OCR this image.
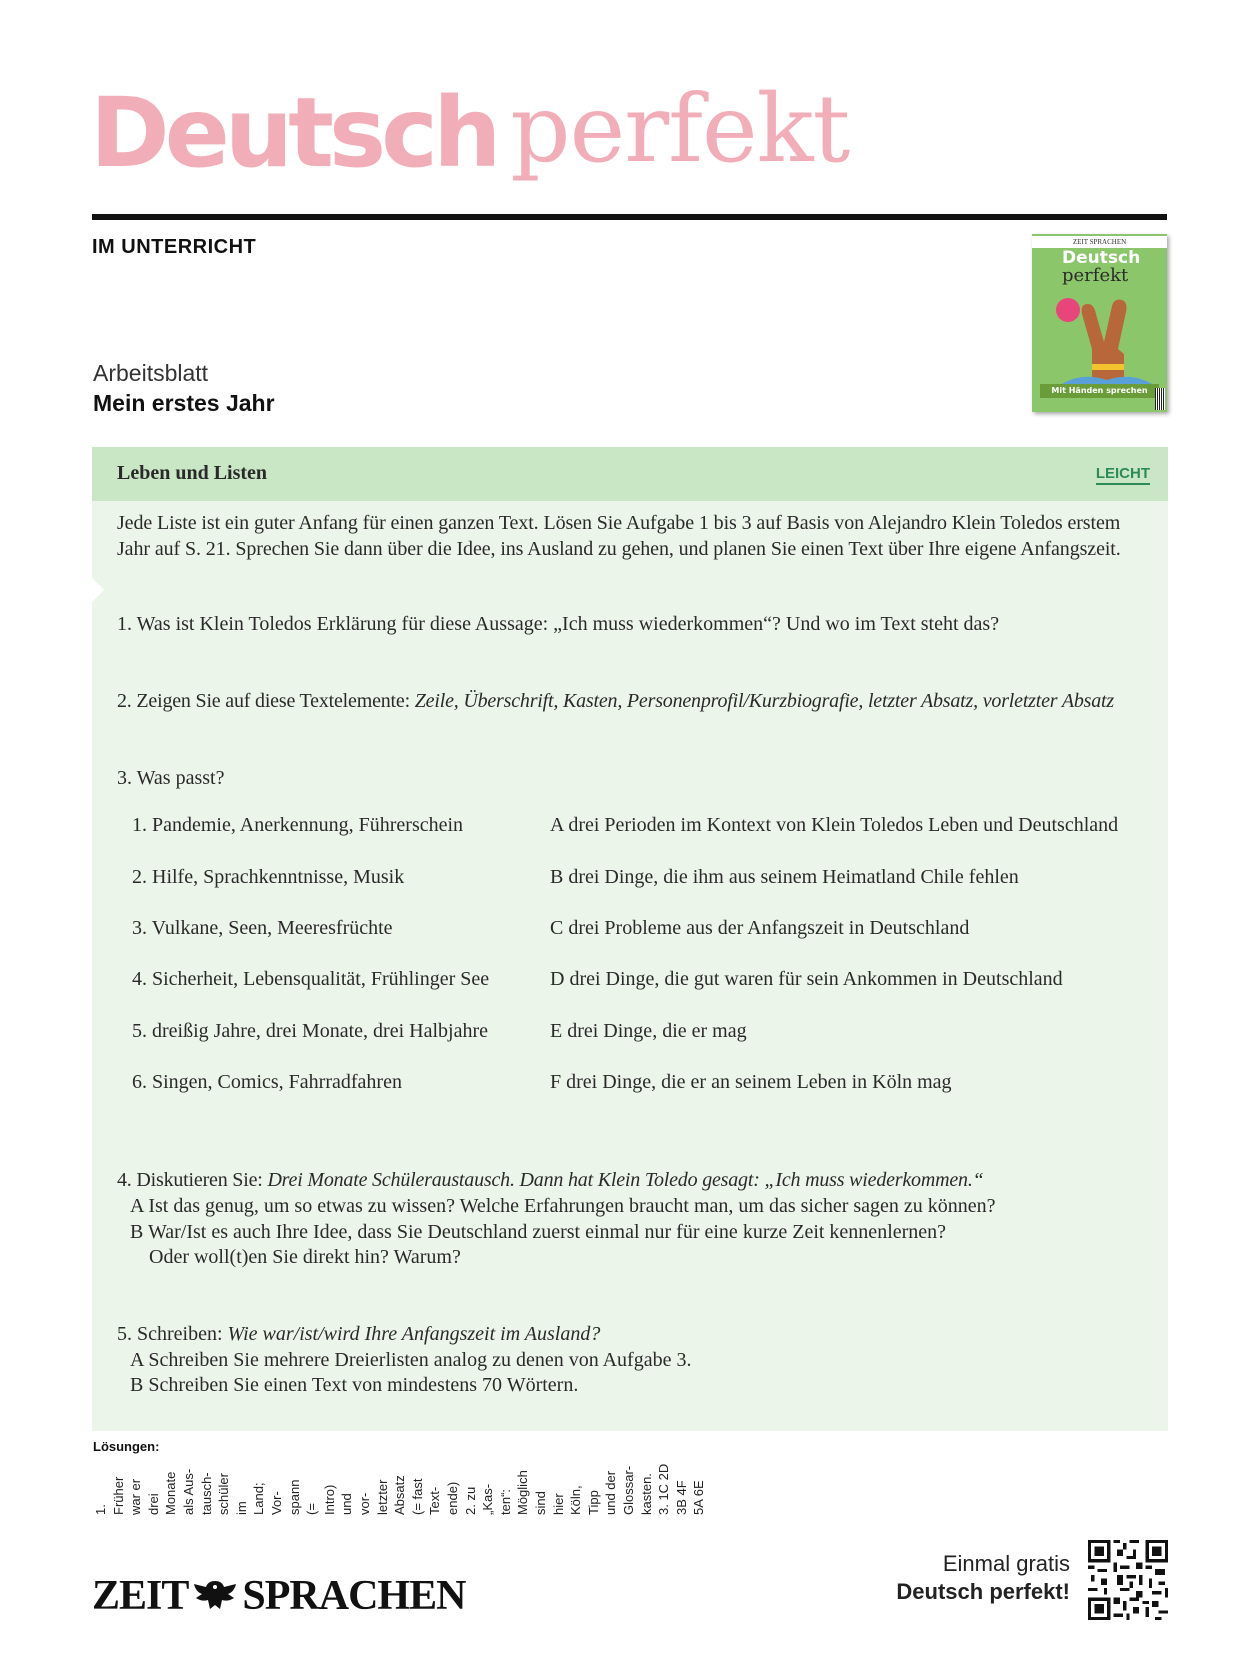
Deutsch perfekt
IM UNTERRICHT	ZEIT SPRACHEN
Deutsch
perfekt
Mit Händen sprechen
Arbeitsblatt
Mein erstes Jahr
Leben und Listen	LEICHT
Jede Liste ist ein guter Anfang für einen ganzen Text. Lösen Sie Aufgabe 1 bis 3 auf Basis von Alejandro Klein Toledos erstem Jahr auf S. 21. Sprechen Sie dann über die Idee, ins Ausland zu gehen, und planen Sie einen Text über Ihre eigene Anfangszeit.
1. Was ist Klein Toledos Erklärung für diese Aussage: „Ich muss wiederkommen“? Und wo im Text steht das?
2. Zeigen Sie auf diese Textelemente: Zeile, Überschrift, Kasten, Personenprofil/Kurzbiografie, letzter Absatz, vorletzter Absatz
3. Was passt?
1. Pandemie, Anerkennung, Führerschein
2. Hilfe, Sprachkenntnisse, Musik
3. Vulkane, Seen, Meeresfrüchte
4. Sicherheit, Lebensqualität, Frühlinger See
5. dreißig Jahre, drei Monate, drei Halbjahre
6. Singen, Comics, Fahrradfahren
A drei Perioden im Kontext von Klein Toledos Leben und Deutschland
B drei Dinge, die ihm aus seinem Heimatland Chile fehlen
C drei Probleme aus der Anfangszeit in Deutschland
D drei Dinge, die gut waren für sein Ankommen in Deutschland
E drei Dinge, die er mag
F drei Dinge, die er an seinem Leben in Köln mag
4. Diskutieren Sie: Drei Monate Schüleraustausch. Dann hat Klein Toledo gesagt: „Ich muss wiederkommen.“
A Ist das genug, um so etwas zu wissen? Welche Erfahrungen braucht man, um das sicher sagen zu können?
B War/Ist es auch Ihre Idee, dass Sie Deutschland zuerst einmal nur für eine kurze Zeit kennenlernen?
Oder woll(t)en Sie direkt hin? Warum?
5. Schreiben: Wie war/ist/wird Ihre Anfangszeit im Ausland?
A Schreiben Sie mehrere Dreierlisten analog zu denen von Aufgabe 3.
B Schreiben Sie einen Text von mindestens 70 Wörtern.
Lösungen:
1. Früher war er drei Monate als Aus- tausch- schüler im Land; Vor- spann (= Intro) und vor- letzter Absatz (= fast Text- ende) 2. zu „Kas- ten“: Möglich sind hier Köln, Tipp und der Glossar- kasten. 3. 1C 2D 3B 4F 5A 6E
ZEIT SPRACHEN
Einmal gratis
Deutsch perfekt!
